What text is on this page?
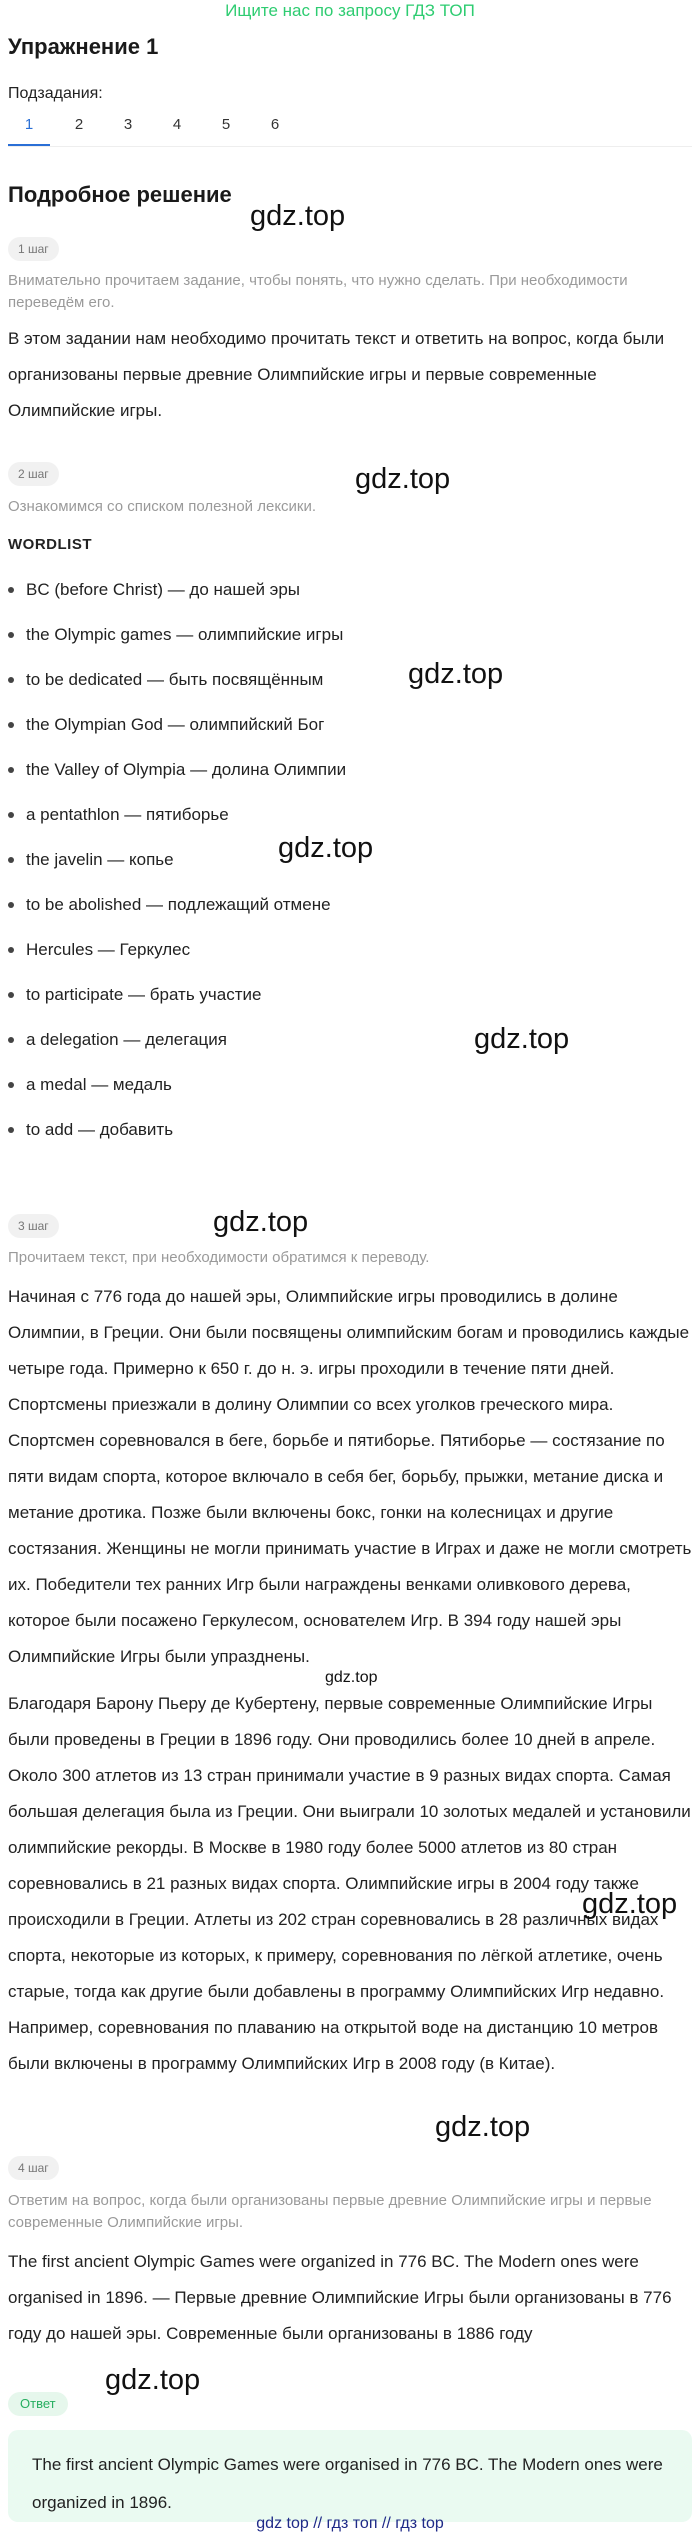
Ищите нас по запросу ГДЗ ТОП
Упражнение 1
Подзадания:
1	2	3	4	5	6
Подробное решение
1 шаг
Внимательно прочитаем задание, чтобы понять, что нужно сделать. При необходимости переведём его.
В этом задании нам необходимо прочитать текст и ответить на вопрос, когда были организованы первые древние Олимпийские игры и первые современные Олимпийские игры.
2 шаг
Ознакомимся со списком полезной лексики.
WORDLIST
BC (before Christ) — до нашей эры
the Olympic games — олимпийские игры
to be dedicated — быть посвящённым
the Olympian God — олимпийский Бог
the Valley of Olympia — долина Олимпии
a pentathlon — пятиборье
the javelin — копье
to be abolished — подлежащий отмене
Hercules — Геркулес
to participate — брать участие
a delegation — делегация
a medal — медаль
to add — добавить
3 шаг
Прочитаем текст, при необходимости обратимся к переводу.
Начиная с 776 года до нашей эры, Олимпийские игры проводились в долине Олимпии, в Греции. Они были посвящены олимпийским богам и проводились каждые четыре года. Примерно к 650 г. до н. э. игры проходили в течение пяти дней. Спортсмены приезжали в долину Олимпии со всех уголков греческого мира. Спортсмен соревновался в беге, борьбе и пятиборье. Пятиборье — состязание по пяти видам спорта, которое включало в себя бег, борьбу, прыжки, метание диска и метание дротика. Позже были включены бокс, гонки на колесницах и другие состязания. Женщины не могли принимать участие в Играх и даже не могли смотреть их. Победители тех ранних Игр были награждены венками оливкового дерева, которое были посажено Геркулесом, основателем Игр. В 394 году нашей эры Олимпийские Игры были упразднены.
Благодаря Барону Пьеру де Кубертену, первые современные Олимпийские Игры были проведены в Греции в 1896 году. Они проводились более 10 дней в апреле. Около 300 атлетов из 13 стран принимали участие в 9 разных видах спорта. Самая большая делегация была из Греции. Они выиграли 10 золотых медалей и установили олимпийские рекорды. В Москве в 1980 году более 5000 атлетов из 80 стран соревновались в 21 разных видах спорта. Олимпийские игры в 2004 году также происходили в Греции. Атлеты из 202 стран соревновались в 28 различных видах спорта, некоторые из которых, к примеру, соревнования по лёгкой атлетике, очень старые, тогда как другие были добавлены в программу Олимпийских Игр недавно. Например, соревнования по плаванию на открытой воде на дистанцию 10 метров были включены в программу Олимпийских Игр в 2008 году (в Китае).
4 шаг
Ответим на вопрос, когда были организованы первые древние Олимпийские игры и первые современные Олимпийские игры.
The first ancient Olympic Games were organized in 776 BC. The Modern ones were organised in 1896. — Первые древние Олимпийские Игры были организованы в 776 году до нашей эры. Современные были организованы в 1886 году
Ответ
The first ancient Olympic Games were organised in 776 BC. The Modern ones were organized in 1896.
gdz.top
gdz.top
gdz.top
gdz.top
gdz.top
gdz.top
gdz.top
gdz.top
gdz.top
gdz.top
gdz top // гдз топ // гдз top
